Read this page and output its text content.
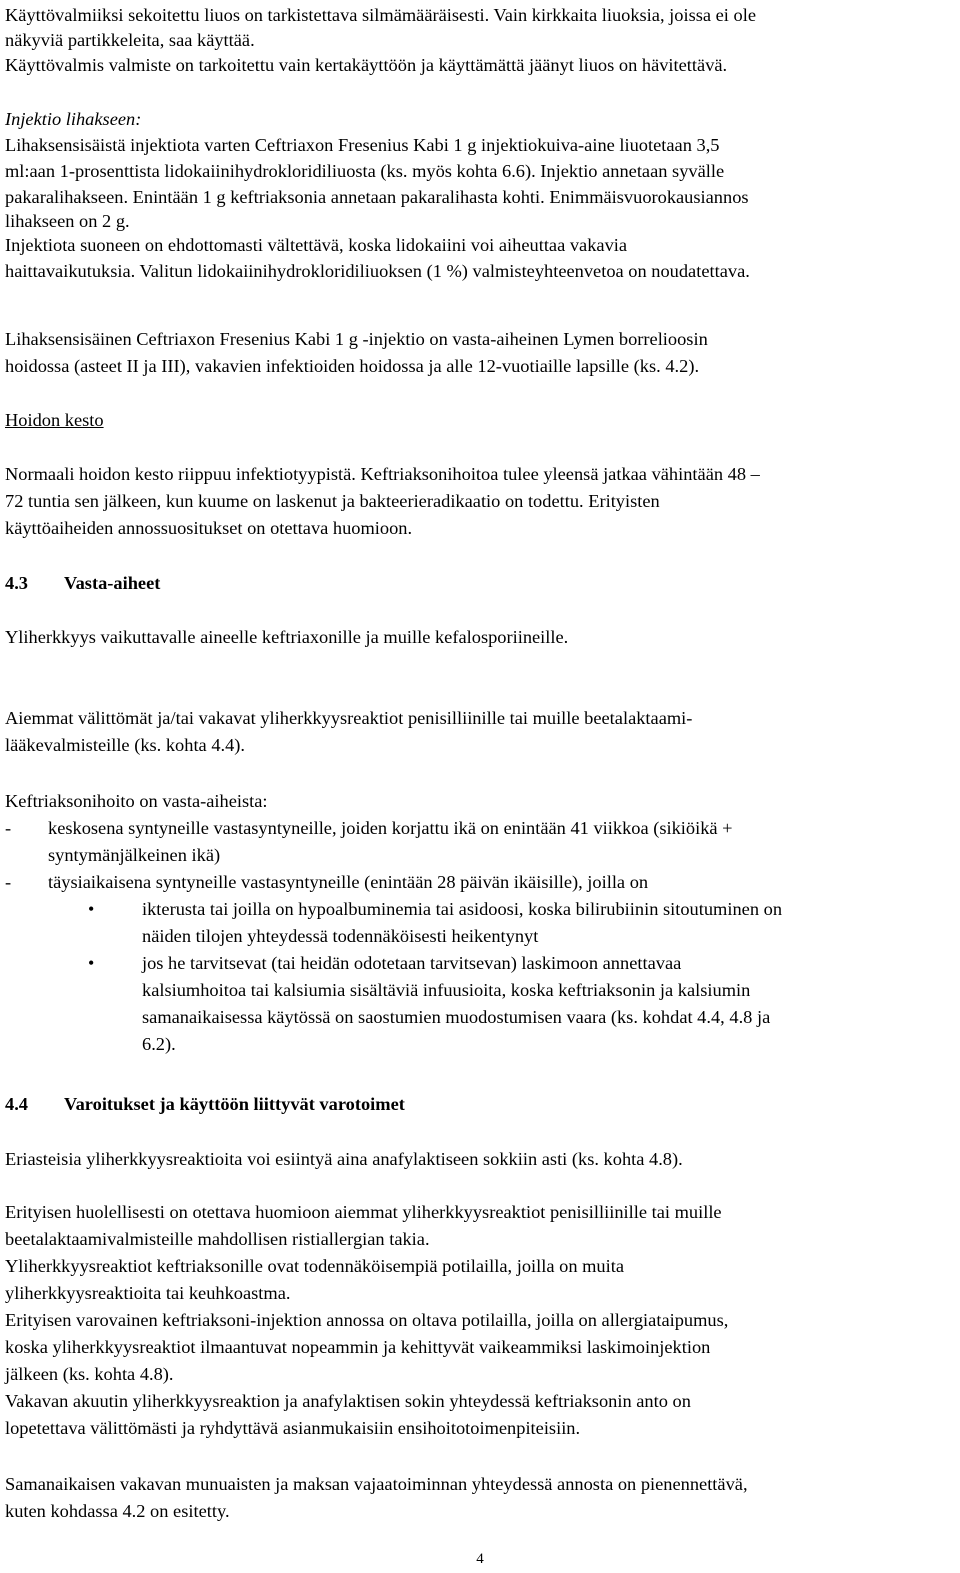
Käyttövalmiiksi sekoitettu liuos on tarkistettava silmämääräisesti. Vain kirkkaita liuoksia, joissa ei ole
näkyviä partikkeleita, saa käyttää.
Käyttövalmis valmiste on tarkoitettu vain kertakäyttöön ja käyttämättä jäänyt liuos on hävitettävä.
Injektio lihakseen:
Lihaksensisäistä injektiota varten Ceftriaxon Fresenius Kabi 1 g injektiokuiva-aine liuotetaan 3,5
ml:aan 1-prosenttista lidokaiinihydrokloridiliuosta (ks. myös kohta 6.6). Injektio annetaan syvälle
pakaralihakseen. Enintään 1 g keftriaksonia annetaan pakaralihasta kohti. Enimmäisvuorokausiannos
lihakseen on 2 g.
Injektiota suoneen on ehdottomasti vältettävä, koska lidokaiini voi aiheuttaa vakavia
haittavaikutuksia. Valitun lidokaiinihydrokloridiliuoksen (1 %) valmisteyhteenvetoa on noudatettava.
Lihaksensisäinen Ceftriaxon Fresenius Kabi 1 g -injektio on vasta-aiheinen Lymen borrelioosin
hoidossa (asteet II ja III), vakavien infektioiden hoidossa ja alle 12-vuotiaille lapsille (ks. 4.2).
Hoidon kesto
Normaali hoidon kesto riippuu infektiotyypistä. Keftriaksonihoitoa tulee yleensä jatkaa vähintään 48 –
72 tuntia sen jälkeen, kun kuume on laskenut ja bakteerieradikaatio on todettu. Erityisten
käyttöaiheiden annossuositukset on otettava huomioon.
4.3 Vasta-aiheet
Yliherkkyys vaikuttavalle aineelle keftriaxonille ja muille kefalosporiineille.
Aiemmat välittömät ja/tai vakavat yliherkkyysreaktiot penisilliinille tai muille beetalaktaami-
lääkevalmisteille (ks. kohta 4.4).
Keftriaksonihoito on vasta-aiheista:
- keskosena syntyneille vastasyntyneille, joiden korjattu ikä on enintään 41 viikkoa (sikiöikä +
syntymänjälkeinen ikä)
- täysiaikaisena syntyneille vastasyntyneille (enintään 28 päivän ikäisille), joilla on
•	ikterusta tai joilla on hypoalbuminemia tai asidoosi, koska bilirubiinin sitoutuminen on
näiden tilojen yhteydessä todennäköisesti heikentynyt
•	jos he tarvitsevat (tai heidän odotetaan tarvitsevan) laskimoon annettavaa
kalsiumhoitoa tai kalsiumia sisältäviä infuusioita, koska keftriaksonin ja kalsiumin
samanaikaisessa käytössä on saostumien muodostumisen vaara (ks. kohdat 4.4, 4.8 ja
6.2).
4.4 Varoitukset ja käyttöön liittyvät varotoimet
Eriasteisia yliherkkyysreaktioita voi esiintyä aina anafylaktiseen sokkiin asti (ks. kohta 4.8).
Erityisen huolellisesti on otettava huomioon aiemmat yliherkkyysreaktiot penisilliinille tai muille
beetalaktaamivalmisteille mahdollisen ristiallergian takia.
Yliherkkyysreaktiot keftriaksonille ovat todennäköisempiä potilailla, joilla on muita
yliherkkyysreaktioita tai keuhkoastma.
Erityisen varovainen keftriaksoni-injektion annossa on oltava potilailla, joilla on allergiataipumus,
koska yliherkkyysreaktiot ilmaantuvat nopeammin ja kehittyvät vaikeammiksi laskimoinjektion
jälkeen (ks. kohta 4.8).
Vakavan akuutin yliherkkyysreaktion ja anafylaktisen sokin yhteydessä keftriaksonin anto on
lopetettava välittömästi ja ryhdyttävä asianmukaisiin ensihoitotoimenpiteisiin.
Samanaikaisen vakavan munuaisten ja maksan vajaatoiminnan yhteydessä annosta on pienennettävä,
kuten kohdassa 4.2 on esitetty.
4
